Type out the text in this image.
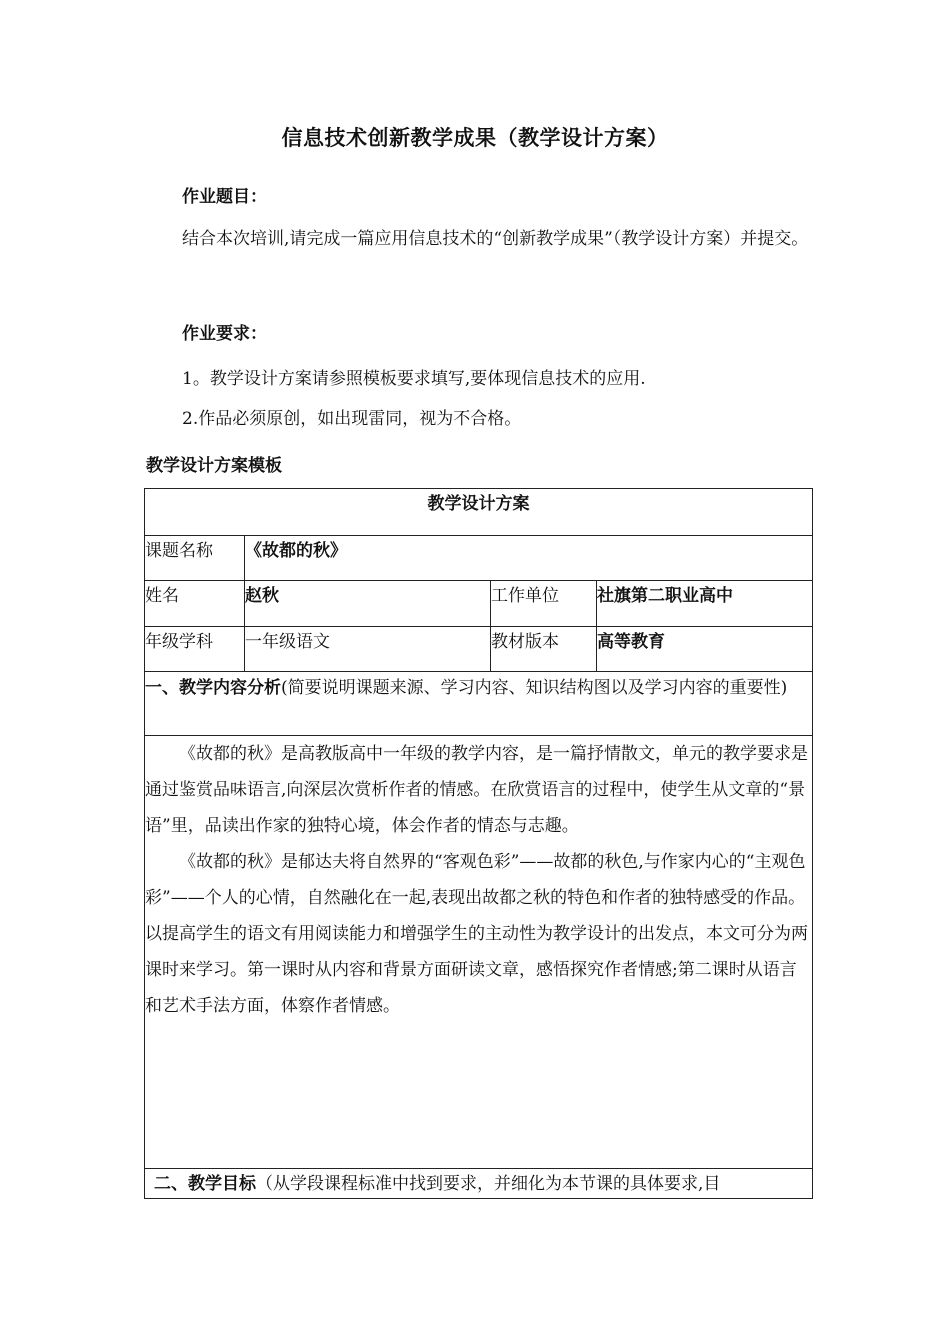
信息技术创新教学成果（教学设计方案）
作业题目：
结合本次培训,请完成一篇应用信息技术的“创新教学成果”（教学设计方案）并提交。
作业要求：
1。教学设计方案请参照模板要求填写,要体现信息技术的应用.
2.作品必须原创，如出现雷同，视为不合格。
教学设计方案模板
教学设计方案			
课题名称	《故都的秋》		
姓名	赵秋	工作单位	社旗第二职业高中
年级学科	一年级语文	教材版本	高等教育
一、教学内容分析(简要说明课题来源、学习内容、知识结构图以及学习内容的重要性)			

《故都的秋》是高教版高中一年级的教学内容，是一篇抒情散文，单元的教学要求是通过鉴赏品味语言,向深层次赏析作者的情感。在欣赏语言的过程中，使学生从文章的“景语”里，品读出作家的独特心境，体会作者的情态与志趣。

《故都的秋》是郁达夫将自然界的“客观色彩”——故都的秋色,与作家内心的“主观色彩”——个人的心情，自然融化在一起,表现出故都之秋的特色和作者的独特感受的作品。以提高学生的语文有用阅读能力和增强学生的主动性为教学设计的出发点，本文可分为两课时来学习。第一课时从内容和背景方面研读文章，感悟探究作者情感;第二课时从语言和艺术手法方面，体察作者情感。			

二、教学目标（从学段课程标准中找到要求，并细化为本节课的具体要求,目			
